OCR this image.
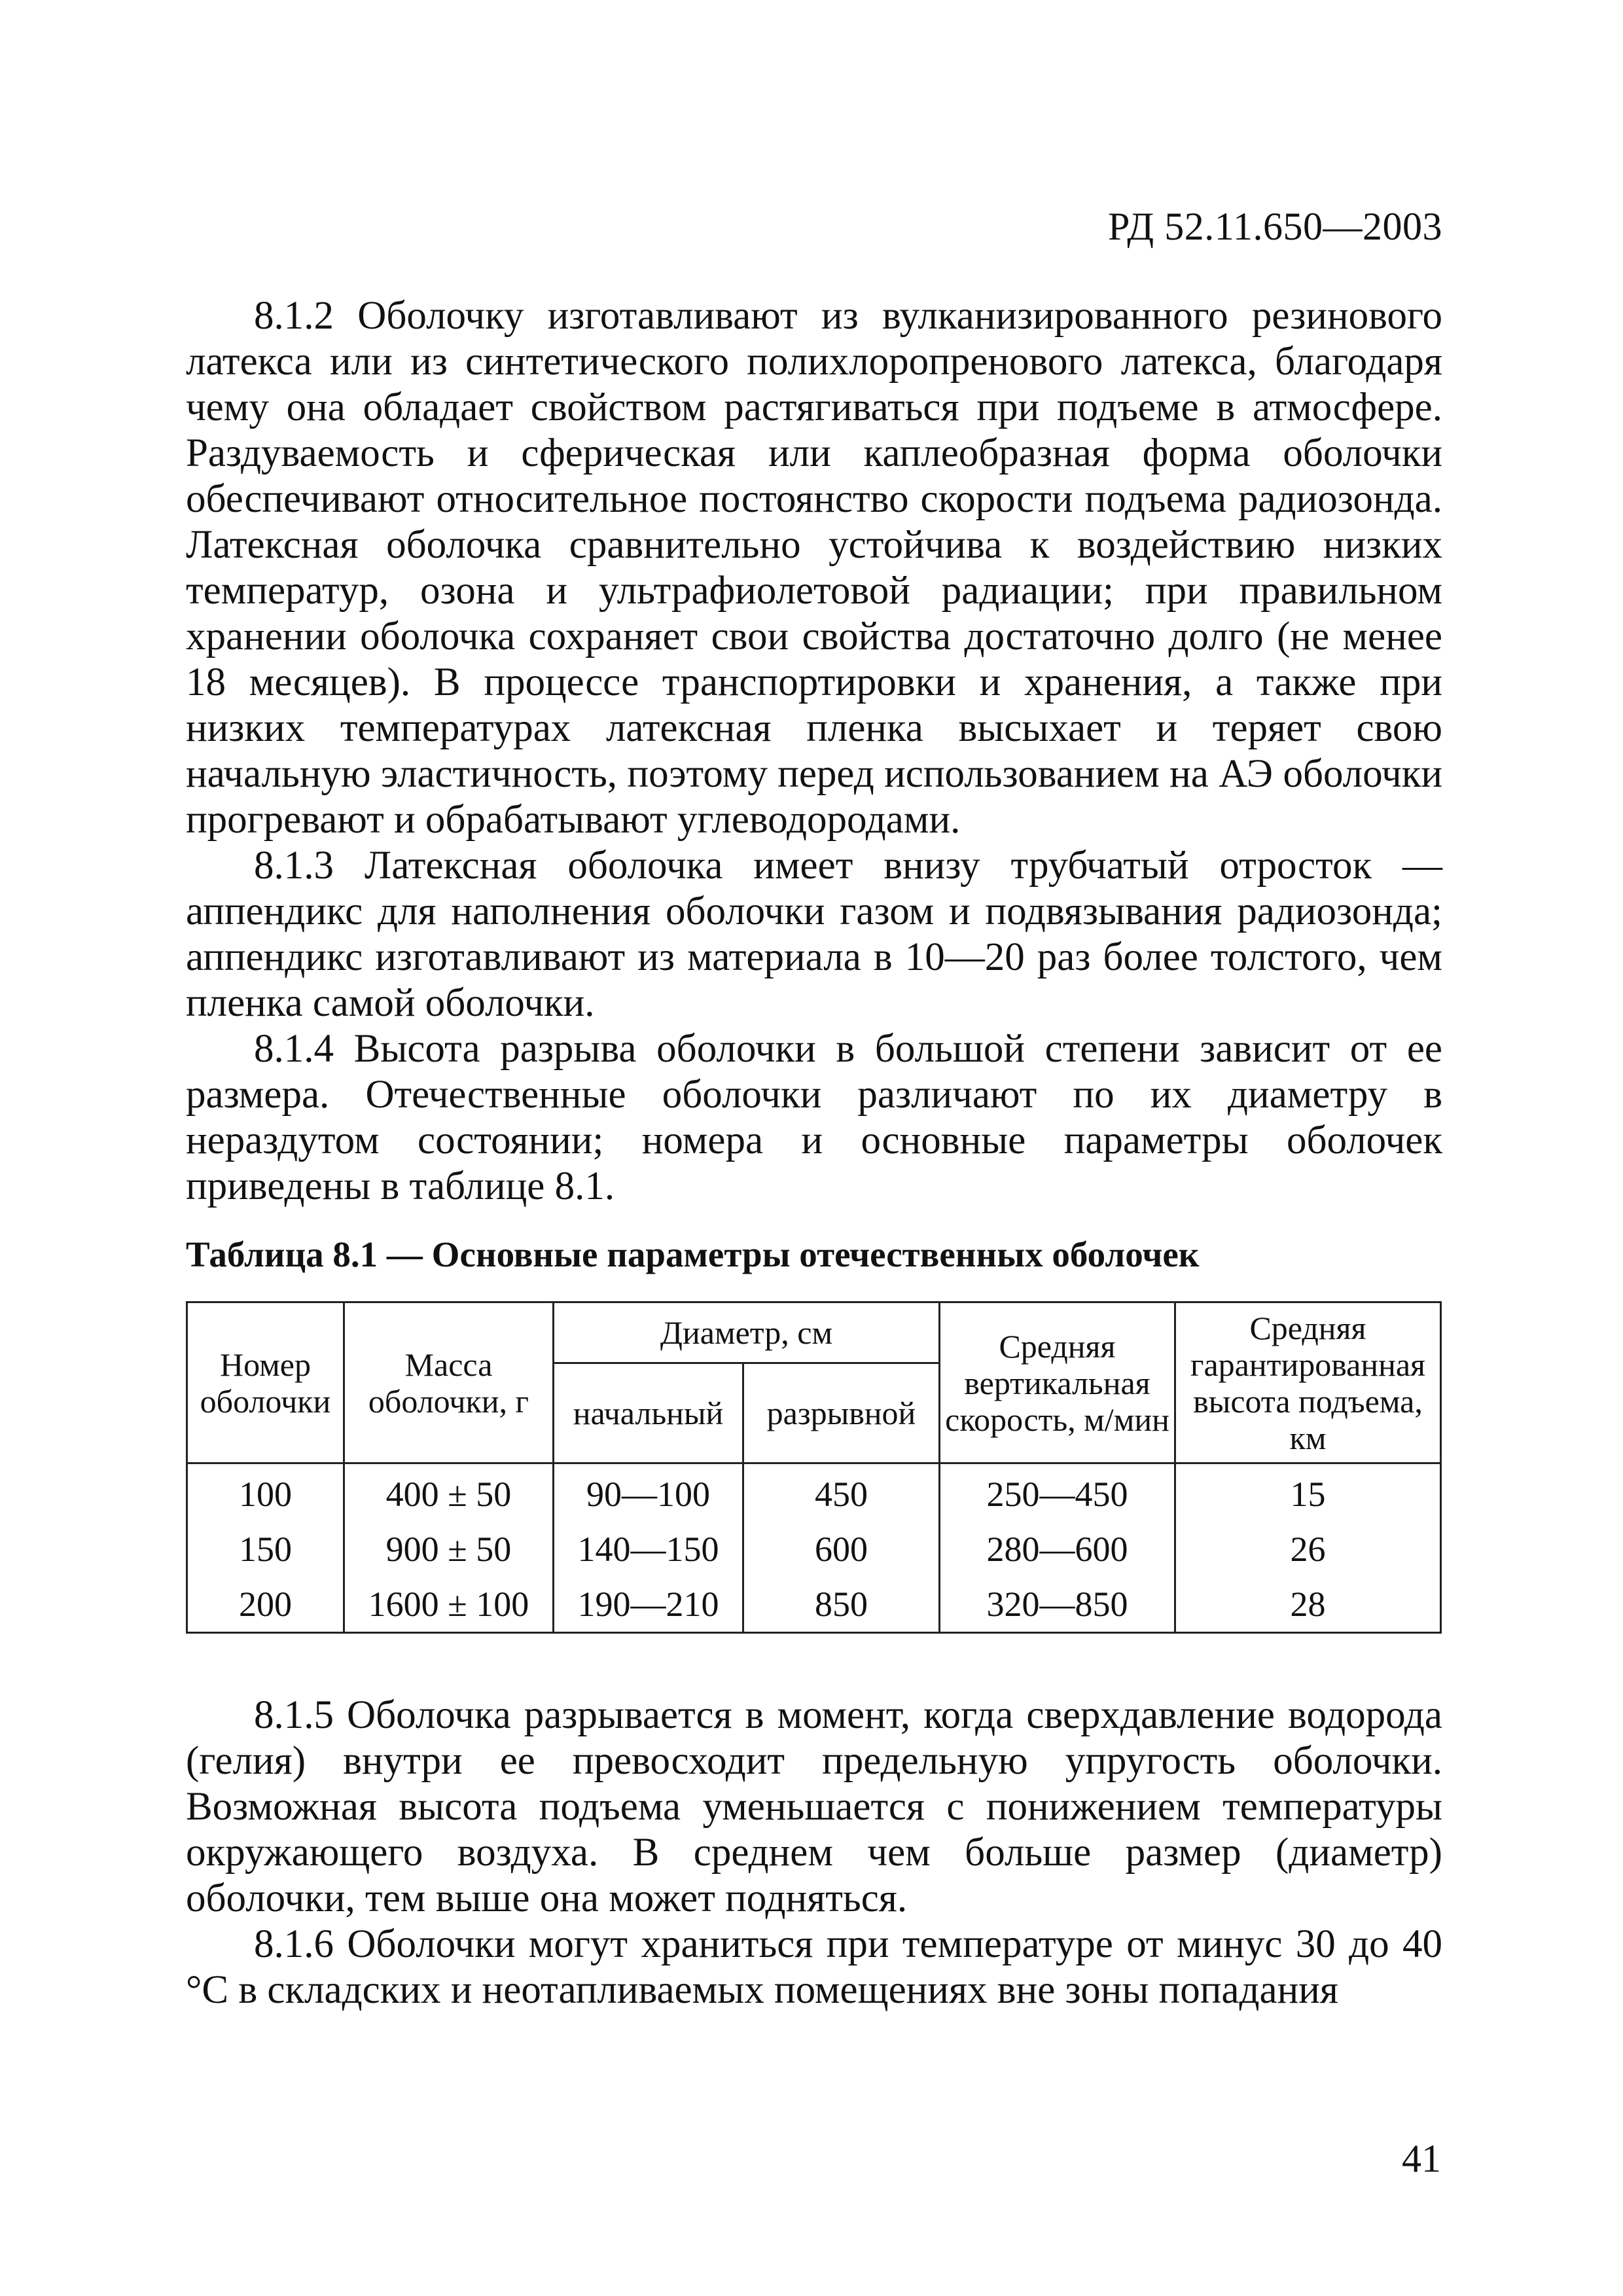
РД 52.11.650—2003

8.1.2 Оболочку изготавливают из вулканизированного резинового латекса или из синтетического полихлоропренового латекса, благодаря чему она обладает свойством растягиваться при подъеме в атмосфере. Раздуваемость и сферическая или каплеобразная форма оболочки обеспечивают относительное постоянство скорости подъема радиозонда. Латексная оболочка сравнительно устойчива к воздействию низких температур, озона и ультрафиолетовой радиации; при правильном хранении оболочка сохраняет свои свойства достаточно долго (не менее 18 месяцев). В процессе транспортировки и хранения, а также при низких температурах латексная пленка высыхает и теряет свою начальную эластичность, поэтому перед использованием на АЭ оболочки прогревают и обрабатывают углеводородами.

8.1.3 Латексная оболочка имеет внизу трубчатый отросток — аппендикс для наполнения оболочки газом и подвязывания радиозонда; аппендикс изготавливают из материала в 10—20 раз более толстого, чем пленка самой оболочки.

8.1.4 Высота разрыва оболочки в большой степени зависит от ее размера. Отечественные оболочки различают по их диаметру в нераздутом состоянии; номера и основные параметры оболочек приведены в таблице 8.1.

Таблица 8.1 — Основные параметры отечественных оболочек
Номер оболочки	Масса оболочки, г	Диаметр, см		Средняя вертикальная скорость, м/мин	Средняя гарантированная высота подъема, км
		начальный	разрывной		
100	400 ± 50	90—100	450	250—450	15
150	900 ± 50	140—150	600	280—600	26
200	1600 ± 100	190—210	850	320—850	28

8.1.5 Оболочка разрывается в момент, когда сверхдавление водорода (гелия) внутри ее превосходит предельную упругость оболочки. Возможная высота подъема уменьшается с понижением температуры окружающего воздуха. В среднем чем больше размер (диаметр) оболочки, тем выше она может подняться.

8.1.6 Оболочки могут храниться при температуре от минус 30 до 40 °С в складских и неотапливаемых помещениях вне зоны попадания

41
